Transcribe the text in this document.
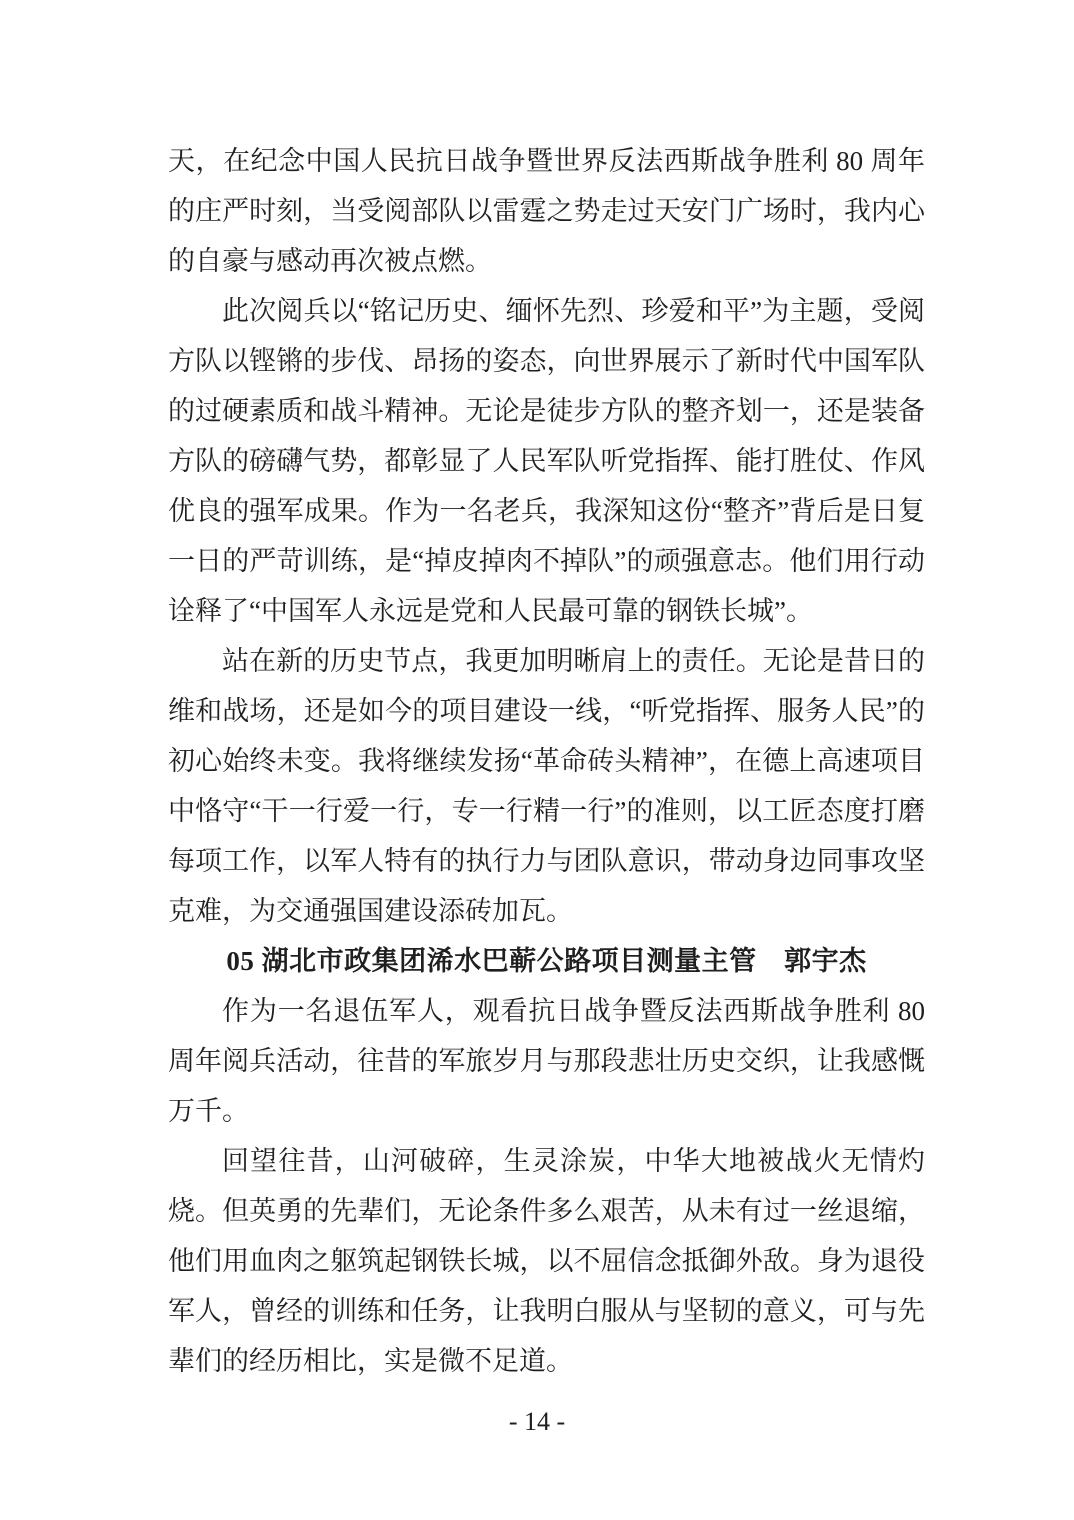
天，在纪念中国人民抗日战争暨世界反法西斯战争胜利 80 周年的庄严时刻，当受阅部队以雷霆之势走过天安门广场时，我内心的自豪与感动再次被点燃。

此次阅兵以“铭记历史、缅怀先烈、珍爱和平”为主题，受阅方队以铿锵的步伐、昂扬的姿态，向世界展示了新时代中国军队的过硬素质和战斗精神。无论是徒步方队的整齐划一，还是装备方队的磅礴气势，都彰显了人民军队听党指挥、能打胜仗、作风优良的强军成果。作为一名老兵，我深知这份“整齐”背后是日复一日的严苛训练，是“掉皮掉肉不掉队”的顽强意志。他们用行动诠释了“中国军人永远是党和人民最可靠的钢铁长城”。

站在新的历史节点，我更加明晰肩上的责任。无论是昔日的维和战场，还是如今的项目建设一线，“听党指挥、服务人民”的初心始终未变。我将继续发扬“革命砖头精神”，在德上高速项目中恪守“干一行爱一行，专一行精一行”的准则，以工匠态度打磨每项工作，以军人特有的执行力与团队意识，带动身边同事攻坚克难，为交通强国建设添砖加瓦。

05 湖北市政集团浠水巴蕲公路项目测量主管　郭宇杰

作为一名退伍军人，观看抗日战争暨反法西斯战争胜利 80 周年阅兵活动，往昔的军旅岁月与那段悲壮历史交织，让我感慨万千。

回望往昔，山河破碎，生灵涂炭，中华大地被战火无情灼烧。但英勇的先辈们，无论条件多么艰苦，从未有过一丝退缩，他们用血肉之躯筑起钢铁长城，以不屈信念抵御外敌。身为退役军人，曾经的训练和任务，让我明白服从与坚韧的意义，可与先辈们的经历相比，实是微不足道。

- 14 -
